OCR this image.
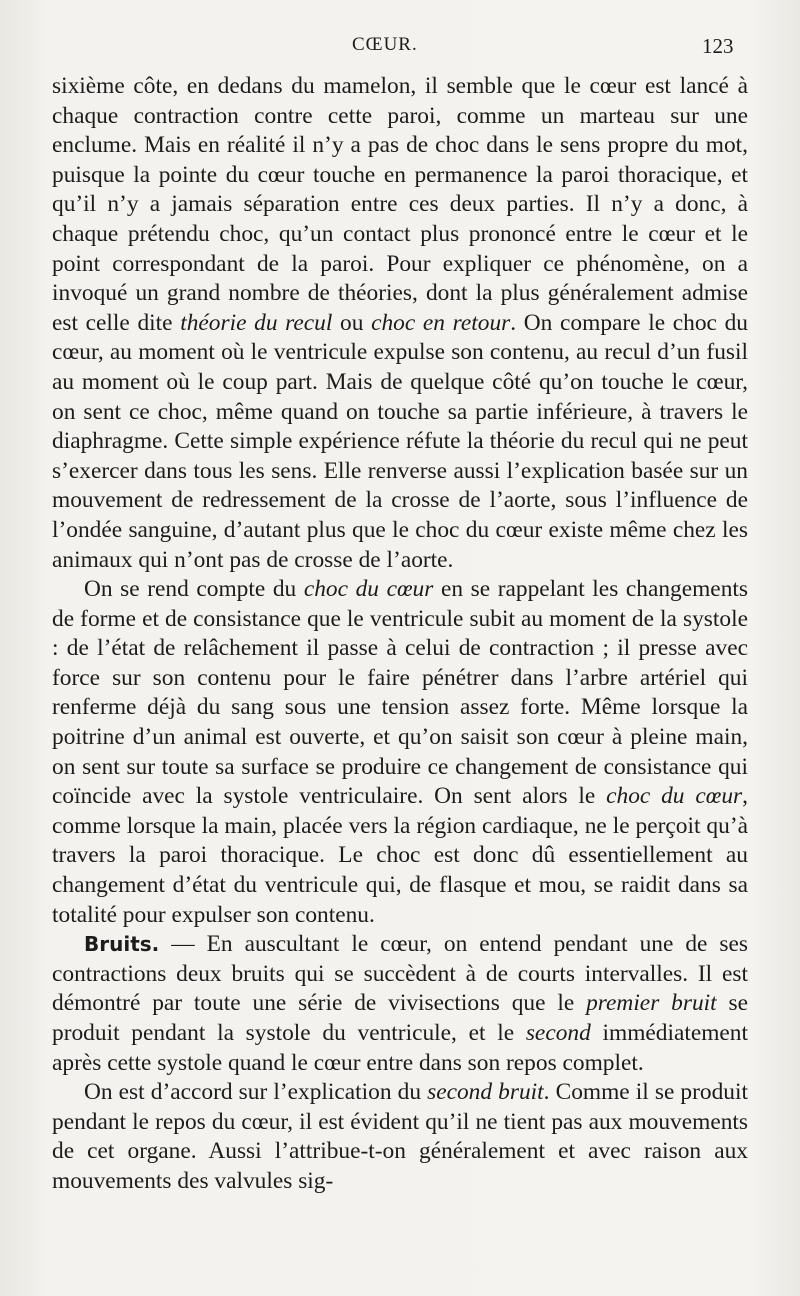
CŒUR.	123

sixième côte, en dedans du mamelon, il semble que le cœur est lancé à chaque contraction contre cette paroi, comme un marteau sur une enclume. Mais en réalité il n’y a pas de choc dans le sens propre du mot, puisque la pointe du cœur touche en permanence la paroi thoracique, et qu’il n’y a jamais séparation entre ces deux parties. Il n’y a donc, à chaque prétendu choc, qu’un contact plus prononcé entre le cœur et le point correspondant de la paroi. Pour expliquer ce phénomène, on a invoqué un grand nombre de théories, dont la plus généralement admise est celle dite théorie du recul ou choc en retour. On compare le choc du cœur, au moment où le ventricule expulse son contenu, au recul d’un fusil au moment où le coup part. Mais de quelque côté qu’on touche le cœur, on sent ce choc, même quand on touche sa partie inférieure, à travers le diaphragme. Cette simple expérience réfute la théorie du recul qui ne peut s’exercer dans tous les sens. Elle renverse aussi l’explication basée sur un mouvement de redressement de la crosse de l’aorte, sous l’influence de l’ondée sanguine, d’autant plus que le choc du cœur existe même chez les animaux qui n’ont pas de crosse de l’aorte.

On se rend compte du choc du cœur en se rappelant les changements de forme et de consistance que le ventricule subit au moment de la systole : de l’état de relâchement il passe à celui de contraction ; il presse avec force sur son contenu pour le faire pénétrer dans l’arbre artériel qui renferme déjà du sang sous une tension assez forte. Même lorsque la poitrine d’un animal est ouverte, et qu’on saisit son cœur à pleine main, on sent sur toute sa surface se produire ce changement de consistance qui coïncide avec la systole ventriculaire. On sent alors le choc du cœur, comme lorsque la main, placée vers la région cardiaque, ne le perçoit qu’à travers la paroi thoracique. Le choc est donc dû essentiellement au changement d’état du ventricule qui, de flasque et mou, se raidit dans sa totalité pour expulser son contenu.

Bruits. — En auscultant le cœur, on entend pendant une de ses contractions deux bruits qui se succèdent à de courts intervalles. Il est démontré par toute une série de vivisections que le premier bruit se produit pendant la systole du ventricule, et le second immédiatement après cette systole quand le cœur entre dans son repos complet.

On est d’accord sur l’explication du second bruit. Comme il se produit pendant le repos du cœur, il est évident qu’il ne tient pas aux mouvements de cet organe. Aussi l’attribue-t-on généralement et avec raison aux mouvements des valvules sig-
